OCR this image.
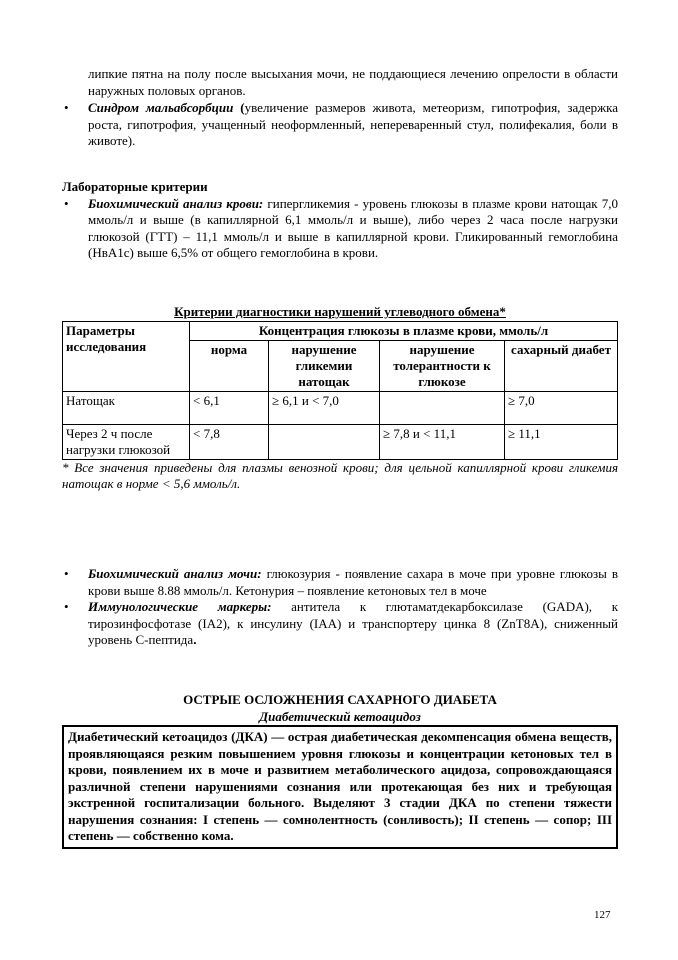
липкие пятна на полу после высыхания мочи, не поддающиеся лечению опрелости в области наружных половых органов.

• Синдром мальабсорбции (увеличение размеров живота, метеоризм, гипотрофия, задержка роста, гипотрофия, учащенный неоформленный, непереваренный стул, полифекалия, боли в животе).

Лабораторные критерии

• Биохимический анализ крови: гипергликемия - уровень глюкозы в плазме крови натощак 7,0 ммоль/л и выше (в капиллярной 6,1 ммоль/л и выше), либо через 2 часа после нагрузки глюкозой (ГТТ) – 11,1 ммоль/л и выше в капиллярной крови. Гликированный гемоглобина (НвА1с) выше 6,5% от общего гемоглобина в крови.

Критерии диагностики нарушений углеводного обмена*

Параметры исследования	Концентрация глюкозы в плазме крови, ммоль/л			
	норма	нарушение гликемии натощак	нарушение толерантности к глюкозе	сахарный диабет
Натощак	< 6,1	≥ 6,1 и < 7,0		≥ 7,0
Через 2 ч после нагрузки глюкозой	< 7,8		≥ 7,8 и < 11,1	≥ 11,1

* Все значения приведены для плазмы венозной крови; для цельной капиллярной крови гликемия натощак в норме < 5,6 ммоль/л.

• Биохимический анализ мочи: глюкозурия - появление сахара в моче при уровне глюкозы в крови выше 8.88 ммоль/л. Кетонурия – появление кетоновых тел в моче
• Иммунологические маркеры: антитела к глютаматдекарбоксилазе (GADA), к тирозинфосфотазе (IA2), к инсулину (IAA) и транспортеру цинка 8 (ZnT8A), сниженный уровень С-пептида.

ОСТРЫЕ ОСЛОЖНЕНИЯ САХАРНОГО ДИАБЕТА

Диабетический кетоацидоз

Диабетический кетоацидоз (ДКА) — острая диабетическая декомпенсация обмена веществ, проявляющаяся резким повышением уровня глюкозы и концентрации кетоновых тел в крови, появлением их в моче и развитием метаболического ацидоза, сопровождающаяся различной степени нарушениями сознания или протекающая без них и требующая экстренной госпитализации больного. Выделяют 3 стадии ДКА по степени тяжести нарушения сознания: I степень — сомнолентность (сонливость); II степень — сопор; III степень — собственно кома.
127
